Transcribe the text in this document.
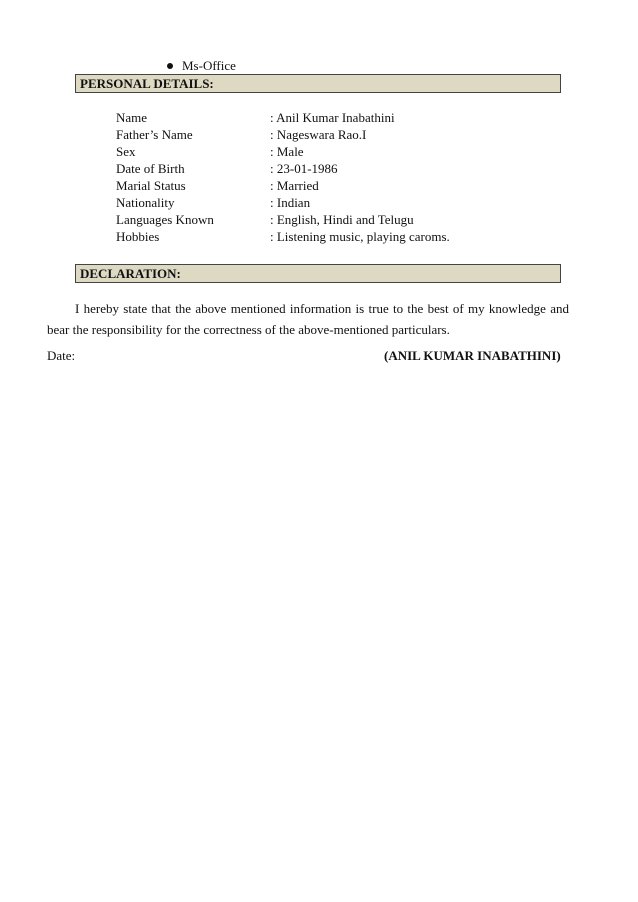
Ms-Office
PERSONAL DETAILS:
Name	: Anil Kumar Inabathini
Father’s Name	: Nageswara Rao.I
Sex	: Male
Date of Birth	: 23-01-1986
Marial Status	: Married
Nationality	: Indian
Languages Known	: English, Hindi and Telugu
Hobbies	: Listening music, playing caroms.
DECLARATION:

I hereby state that the above mentioned information is true to the best of my knowledge and bear the responsibility for the correctness of the above-mentioned particulars.

Date:	(ANIL KUMAR INABATHINI)
